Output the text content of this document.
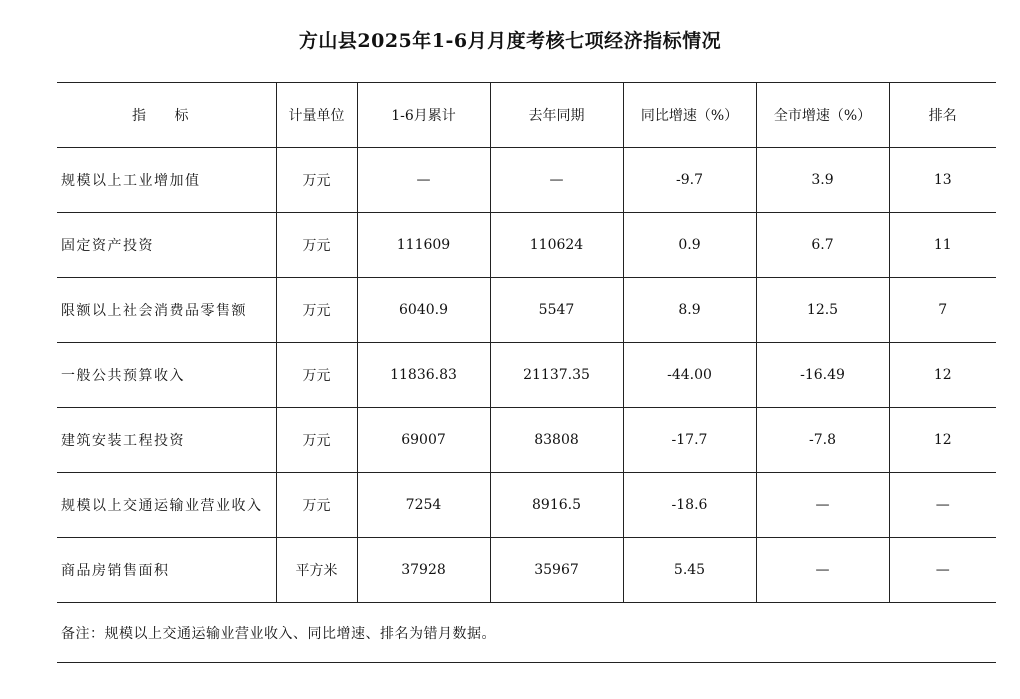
方山县2025年1-6月月度考核七项经济指标情况
指 标	计量单位	1-6月累计	去年同期	同比增速（%）	全市增速（%）	排名
规模以上工业增加值	万元	—	—	-9.7	3.9	13
固定资产投资	万元	111609	110624	0.9	6.7	11
限额以上社会消费品零售额	万元	6040.9	5547	8.9	12.5	7
一般公共预算收入	万元	11836.83	21137.35	-44.00	-16.49	12
建筑安装工程投资	万元	69007	83808	-17.7	-7.8	12
规模以上交通运输业营业收入	万元	7254	8916.5	-18.6	—	—
商品房销售面积	平方米	37928	35967	5.45	—	—
备注：规模以上交通运输业营业收入、同比增速、排名为错月数据。
